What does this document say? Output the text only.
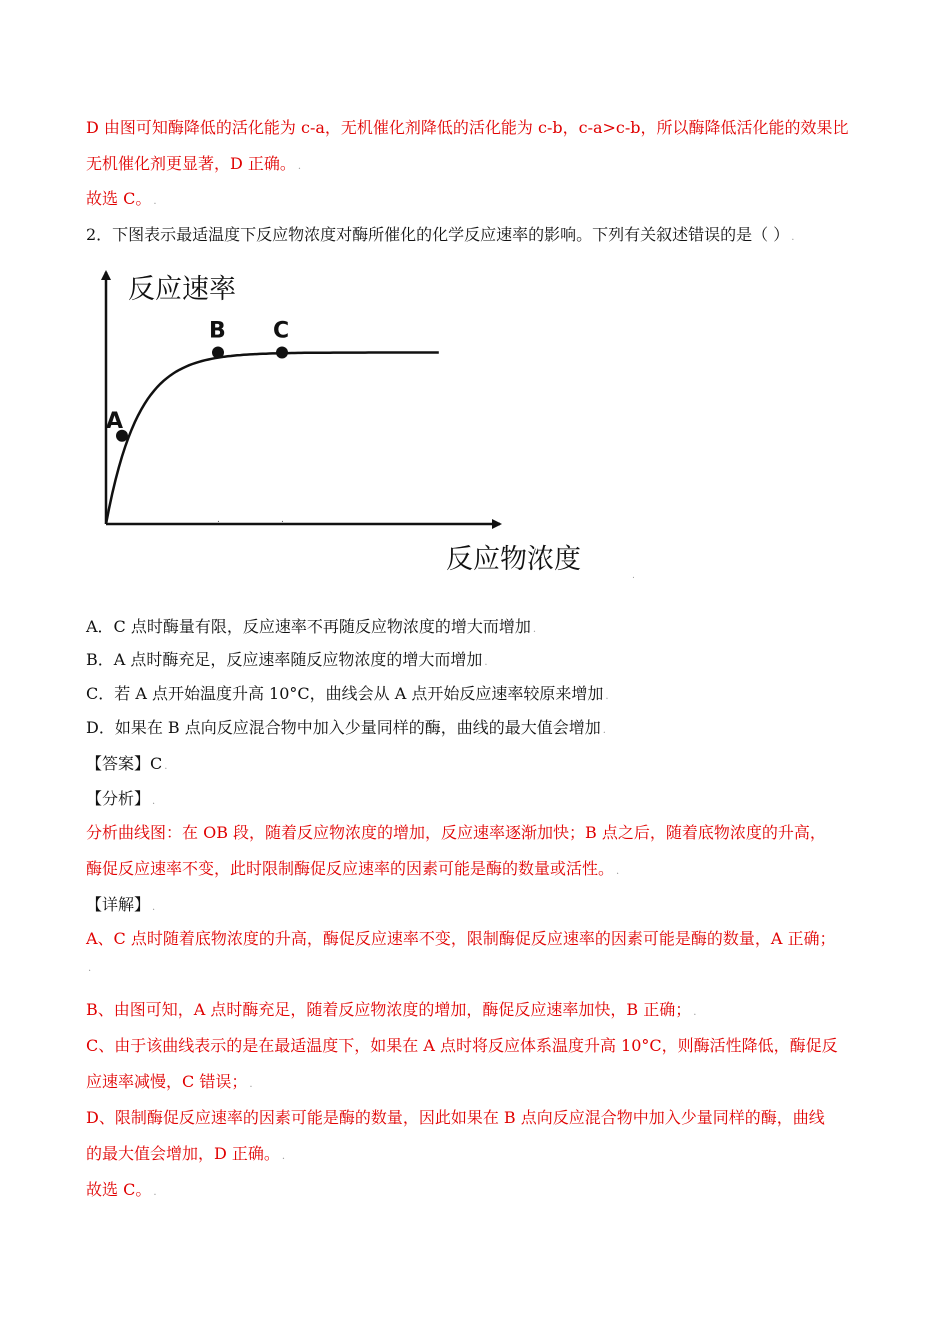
D 由图可知酶降低的活化能为 c-a，无机催化剂降低的活化能为 c-b，c-a>c-b，所以酶降低活化能的效果比
无机催化剂更显著，D 正确。 .
故选 C。 .
2．下图表示最适温度下反应物浓度对酶所催化的化学反应速率的影响。下列有关叙述错误的是（ ） .
反应速率
反应物浓度
A
B
.
C
.
.
A．C 点时酶量有限，反应速率不再随反应物浓度的增大而增加 .
B．A 点时酶充足，反应速率随反应物浓度的增大而增加 .
C．若 A 点开始温度升高 10°C，曲线会从 A 点开始反应速率较原来增加 .
D．如果在 B 点向反应混合物中加入少量同样的酶，曲线的最大值会增加 .
【答案】C .
【分析】 .
分析曲线图：在 OB 段，随着反应物浓度的增加，反应速率逐渐加快；B 点之后，随着底物浓度的升高，
酶促反应速率不变，此时限制酶促反应速率的因素可能是酶的数量或活性。 .
【详解】 .
A、C 点时随着底物浓度的升高，酶促反应速率不变，限制酶促反应速率的因素可能是酶的数量，A 正确；
.
B、由图可知，A 点时酶充足，随着反应物浓度的增加，酶促反应速率加快，B 正确； .
C、由于该曲线表示的是在最适温度下，如果在 A 点时将反应体系温度升高 10°C，则酶活性降低，酶促反
应速率减慢，C 错误； .
D、限制酶促反应速率的因素可能是酶的数量，因此如果在 B 点向反应混合物中加入少量同样的酶，曲线
的最大值会增加，D 正确。 .
故选 C。 .
